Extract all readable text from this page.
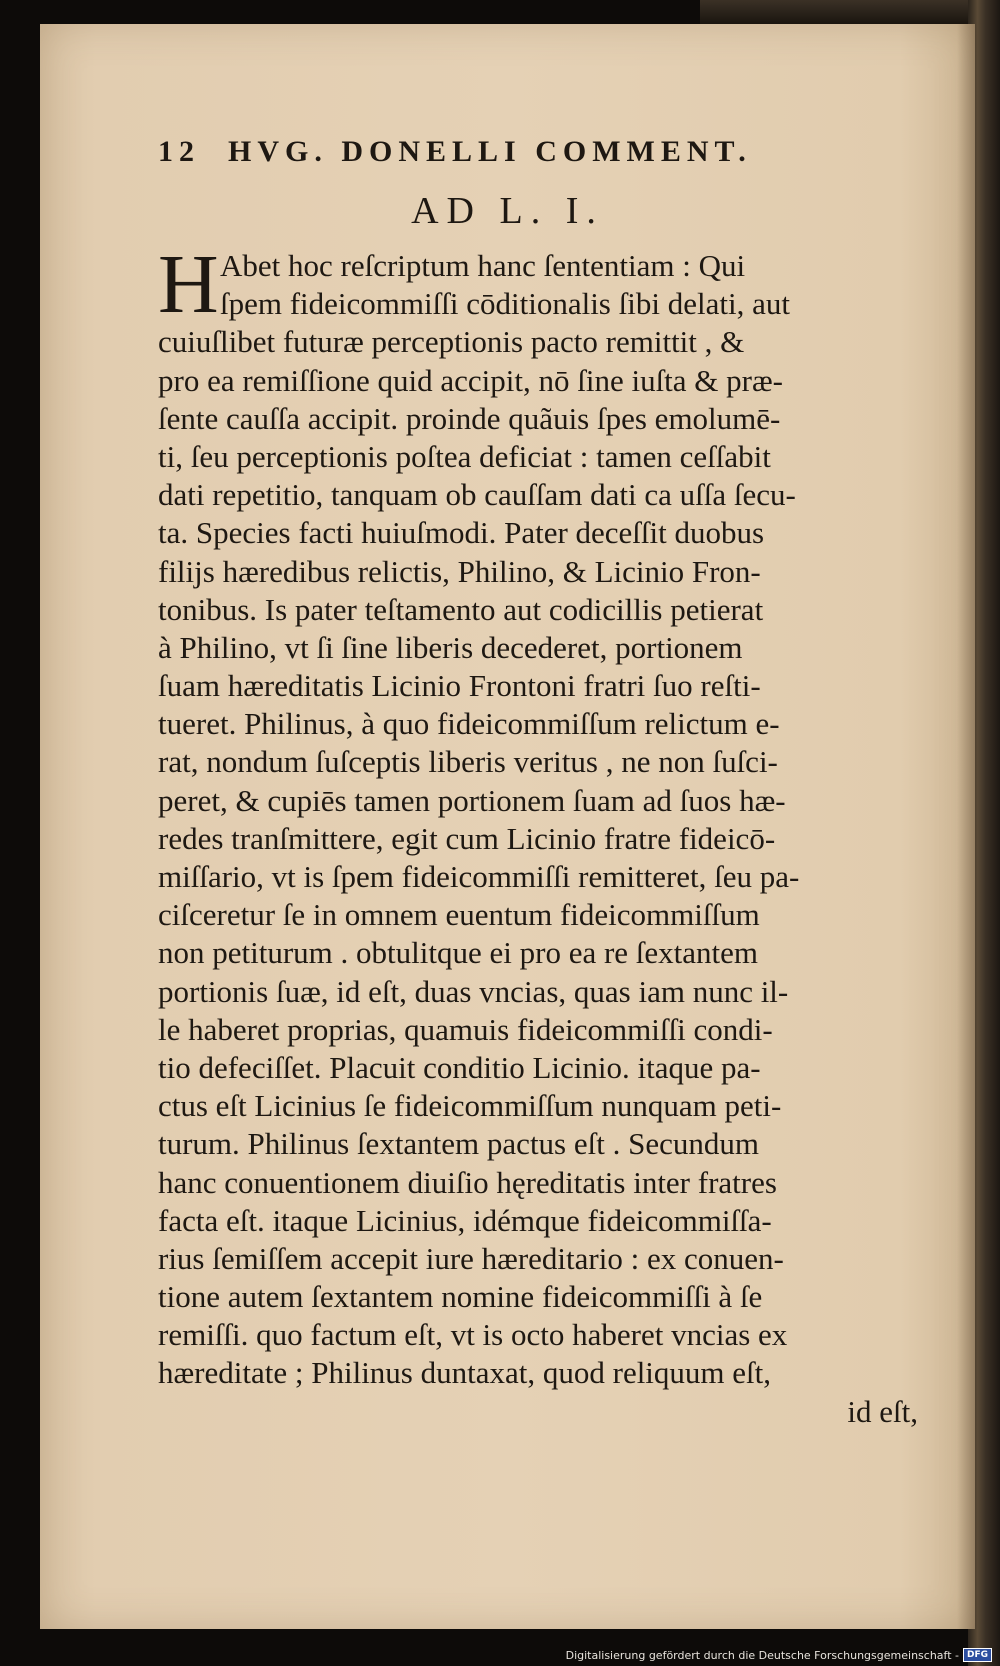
12 HVG. DONELLI COMMENT.
AD L. I.
H Abet hoc reſcriptum hanc ſententiam : Qui
ſpem fideicommiſſi cōditionalis ſibi delati, aut
cuiuſlibet futuræ perceptionis pacto remittit , &
pro ea remiſſione quid accipit, nō ſine iuſta & præ-
ſente cauſſa accipit. proinde quãuis ſpes emolumē-
ti, ſeu perceptionis poſtea deficiat : tamen ceſſabit
dati repetitio, tanquam ob cauſſam dati ca uſſa ſecu-
ta. Species facti huiuſmodi. Pater deceſſit duobus
filijs hæredibus relictis, Philino, & Licinio Fron-
tonibus. Is pater teſtamento aut codicillis petierat
à Philino, vt ſi ſine liberis decederet, portionem
ſuam hæreditatis Licinio Frontoni fratri ſuo reſti-
tueret. Philinus, à quo fideicommiſſum relictum e-
rat, nondum ſuſceptis liberis veritus , ne non ſuſci-
peret, & cupiēs tamen portionem ſuam ad ſuos hæ-
redes tranſmittere, egit cum Licinio fratre fideicō-
miſſario, vt is ſpem fideicommiſſi remitteret, ſeu pa-
ciſceretur ſe in omnem euentum fideicommiſſum
non petiturum . obtulitque ei pro ea re ſextantem
portionis ſuæ, id eſt, duas vncias, quas iam nunc il-
le haberet proprias, quamuis fideicommiſſi condi-
tio defeciſſet. Placuit conditio Licinio. itaque pa-
ctus eſt Licinius ſe fideicommiſſum nunquam peti-
turum. Philinus ſextantem pactus eſt . Secundum
hanc conuentionem diuiſio hęreditatis inter fratres
facta eſt. itaque Licinius, idémque fideicommiſſa-
rius ſemiſſem accepit iure hæreditario : ex conuen-
tione autem ſextantem nomine fideicommiſſi à ſe
remiſſi. quo factum eſt, vt is octo haberet vncias ex
hæreditate ; Philinus duntaxat, quod reliquum eſt,
id eſt,
Digitalisierung gefördert durch die Deutsche Forschungsgemeinschaft - DFG
